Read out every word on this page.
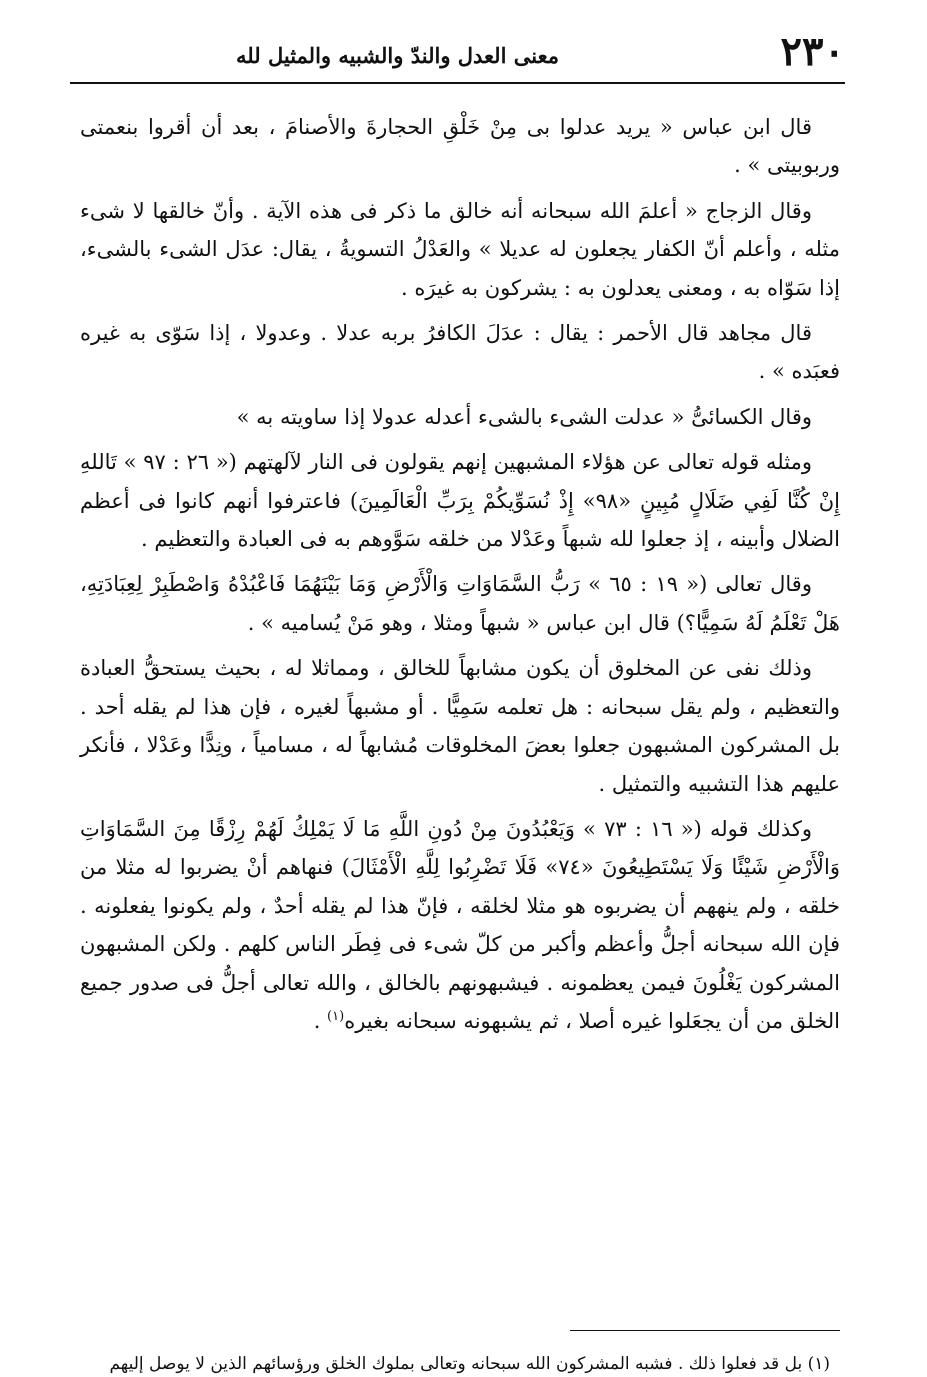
٢٣٠
معنى العدل والندّ والشبيه والمثيل لله

قال ابن عباس « يريد عدلوا بى مِنْ خَلْقِ الحجارةَ والأصنامَ ، بعد أن أقروا بنعمتى وربوبيتى » .

وقال الزجاج « أعلمَ الله سبحانه أنه خالق ما ذكر فى هذه الآية . وأنّ خالقها لا شىء مثله ، وأعلم أنّ الكفار يجعلون له عديلا » والعَدْلُ التسويةُ ، يقال: عدَل الشىء بالشىء، إذا سَوّاه به ، ومعنى يعدلون به : يشركون به غيرَه .

قال مجاهد قال الأحمر : يقال : عدَلَ الكافرُ بربه عدلا . وعدولا ، إذا سَوّى به غيره فعبَده » .

وقال الكسائىُّ « عدلت الشىء بالشىء أعدله عدولا إذا ساويته به »

ومثله قوله تعالى عن هؤلاء المشبهين إنهم يقولون فى النار لآلهتهم (« ٢٦ : ٩٧ » تَاللهِ إِنْ كُنَّا لَفِي ضَلَالٍ مُبِينٍ «٩٨» إِذْ نُسَوِّيكُمْ بِرَبِّ الْعَالَمِينَ) فاعترفوا أنهم كانوا فى أعظم الضلال وأبينه ، إذ جعلوا لله شبهاً وعَدْلا من خلقه سَوَّوهم به فى العبادة والتعظيم .

وقال تعالى (« ١٩ : ٦٥ » رَبُّ السَّمَاوَاتِ وَالْأَرْضِ وَمَا بَيْنَهُمَا فَاعْبُدْهُ وَاصْطَبِرْ لِعِبَادَتِهِ، هَلْ تَعْلَمُ لَهُ سَمِيًّا؟) قال ابن عباس « شبهاً ومثلا ، وهو مَنْ يُساميه » .

وذلك نفى عن المخلوق أن يكون مشابهاً للخالق ، ومماثلا له ، بحيث يستحقُّ العبادة والتعظيم ، ولم يقل سبحانه : هل تعلمه سَمِيًّا . أو مشبهاً لغيره ، فإن هذا لم يقله أحد . بل المشركون المشبهون جعلوا بعضَ المخلوقات مُشابهاً له ، مسامياً ، ونِدًّا وعَدْلا ، فأنكر عليهم هذا التشبيه والتمثيل .

وكذلك قوله (« ١٦ : ٧٣ » وَيَعْبُدُونَ مِنْ دُونِ اللَّهِ مَا لَا يَمْلِكُ لَهُمْ رِزْقًا مِنَ السَّمَاوَاتِ وَالْأَرْضِ شَيْئًا وَلَا يَسْتَطِيعُونَ «٧٤» فَلَا تَضْرِبُوا لِلَّهِ الْأَمْثَالَ) فنهاهم أنْ يضربوا له مثلا من خلقه ، ولم ينههم أن يضربوه هو مثلا لخلقه ، فإنّ هذا لم يقله أحدٌ ، ولم يكونوا يفعلونه . فإن الله سبحانه أجلُّ وأعظم وأكبر من كلّ شىء فى فِطَر الناس كلهم . ولكن المشبهون المشركون يَغْلُونَ فيمن يعظمونه . فيشبهونهم بالخالق ، والله تعالى أجلُّ فى صدور جميع الخلق من أن يجعَلوا غيره أصلا ، ثم يشبهونه سبحانه بغيره$^{(١)}$ .

(١) بل قد فعلوا ذلك . فشبه المشركون الله سبحانه وتعالى بملوك الخلق ورؤسائهم الذين لا يوصل إليهم
